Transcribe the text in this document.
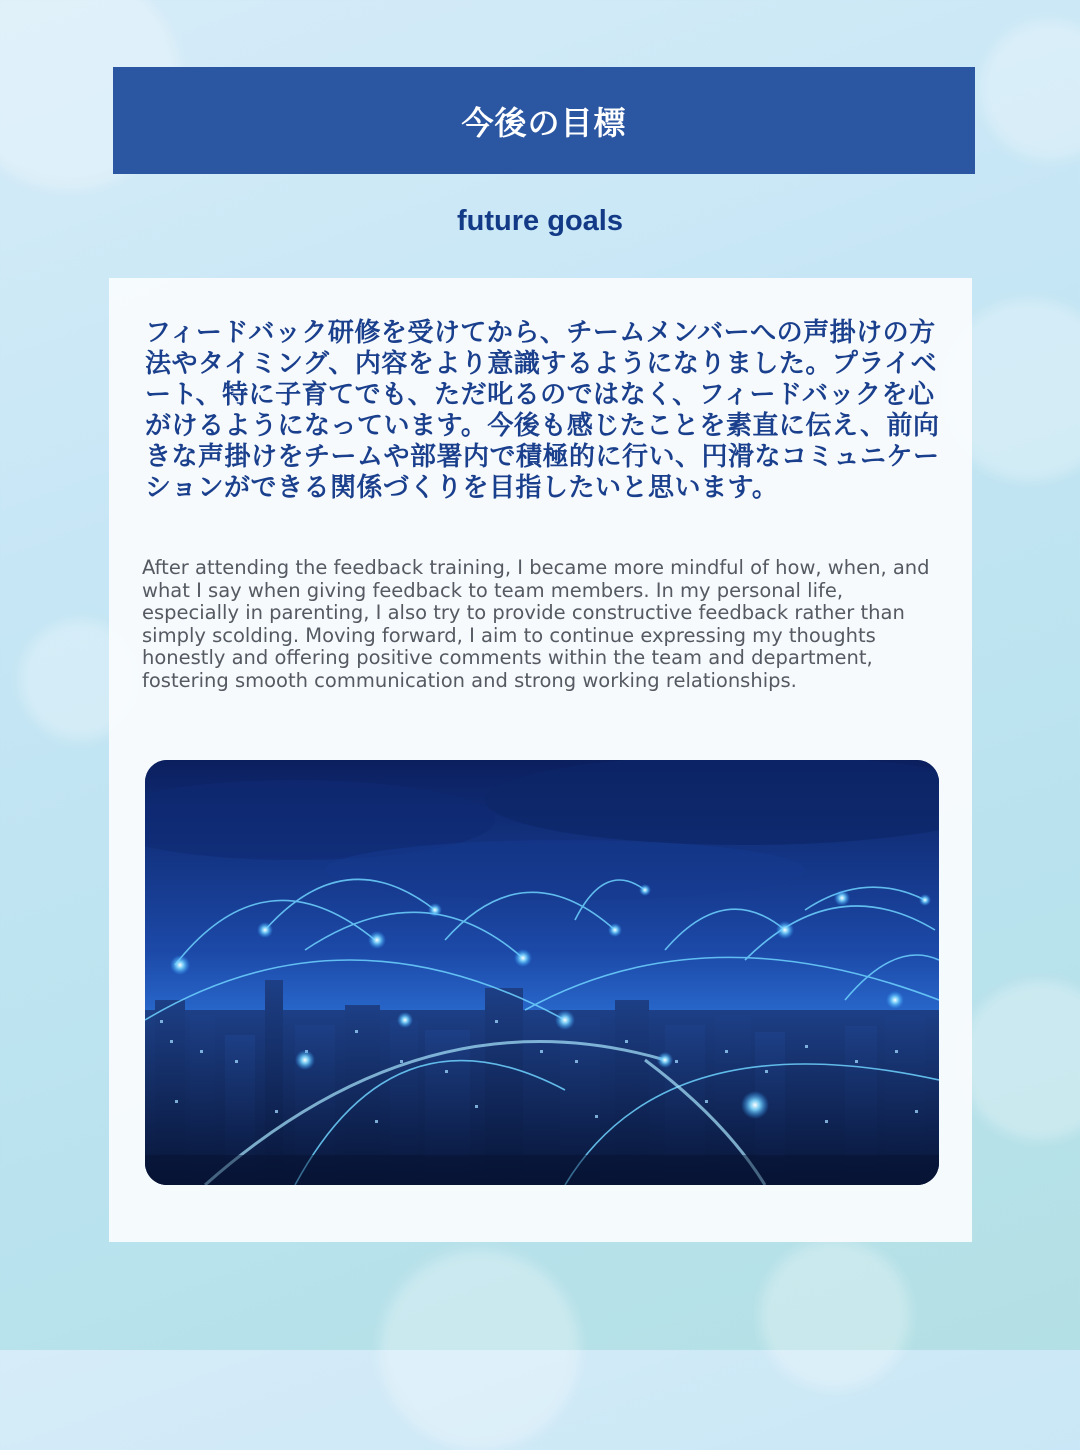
今後の目標
future goals

フィードバック研修を受けてから、チームメンバーへの声掛けの方法やタイミング、内容をより意識するようになりました。プライベート、特に子育てでも、ただ叱るのではなく、フィードバックを心がけるようになっています。今後も感じたことを素直に伝え、前向きな声掛けをチームや部署内で積極的に行い、円滑なコミュニケーションができる関係づくりを目指したいと思います。

After attending the feedback training, I became more mindful of how, when, and what I say when giving feedback to team members. In my personal life, especially in parenting, I also try to provide constructive feedback rather than simply scolding. Moving forward, I aim to continue expressing my thoughts honestly and offering positive comments within the team and department, fostering smooth communication and strong working relationships.
